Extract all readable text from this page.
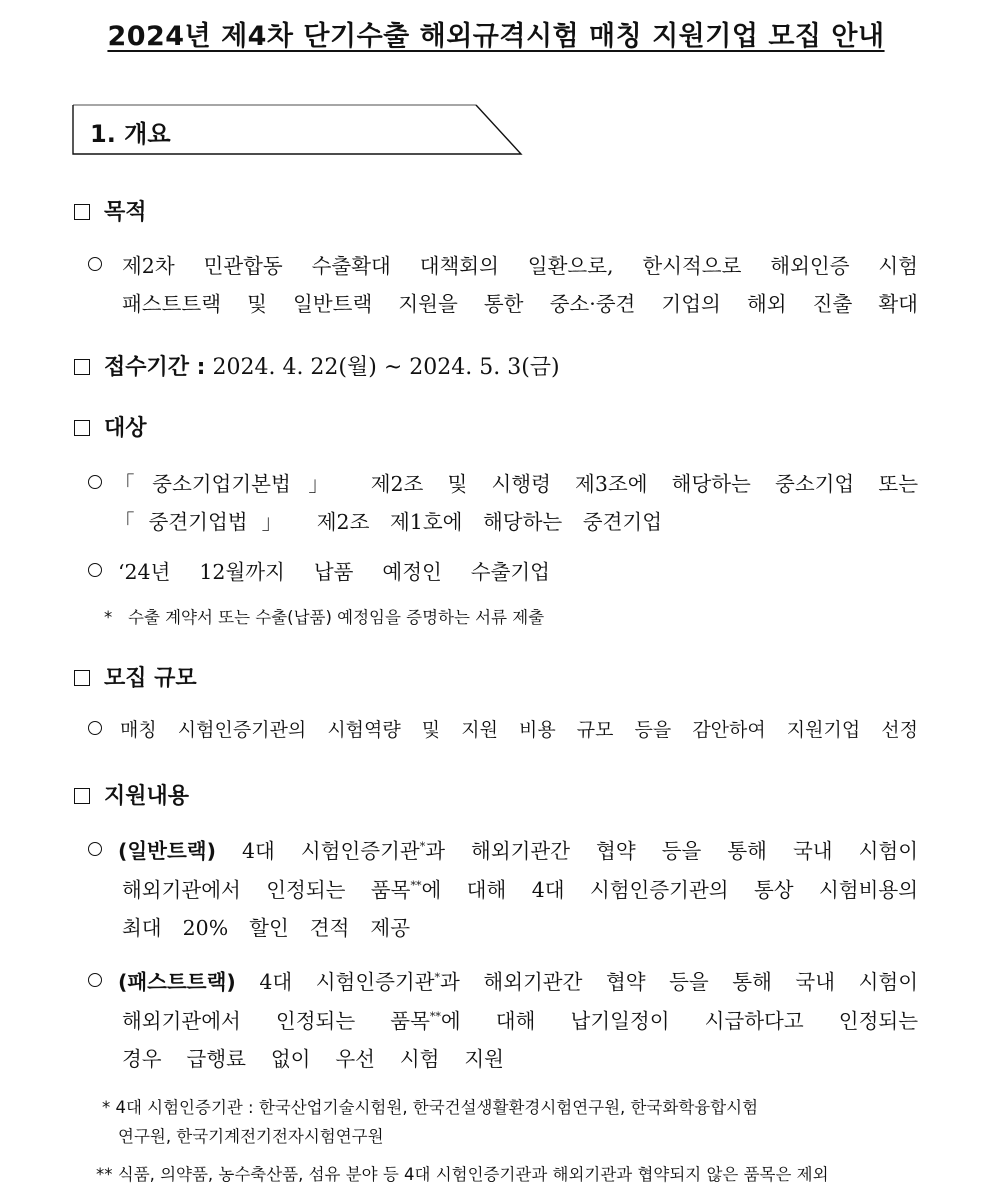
2024년 제4차 단기수출 해외규격시험 매칭 지원기업 모집 안내
1. 개요
목적
제2차 민관합동 수출확대 대책회의 일환으로, 한시적으로 해외인증 시험
패스트트랙 및 일반트랙 지원을 통한 중소·중견 기업의 해외 진출 확대
접수기간 : 2024. 4. 22(월) ~ 2024. 5. 3(금)
대상
「중소기업기본법」 제2조 및 시행령 제3조에 해당하는 중소기업 또는
「중견기업법」 제2조 제1호에 해당하는 중견기업
‘24년 12월까지 납품 예정인 수출기업
* 수출 계약서 또는 수출(납품) 예정임을 증명하는 서류 제출
모집 규모
매칭 시험인증기관의 시험역량 및 지원 비용 규모 등을 감안하여 지원기업 선정
지원내용
(일반트랙) 4대 시험인증기관*과 해외기관간 협약 등을 통해 국내 시험이
해외기관에서 인정되는 품목**에 대해 4대 시험인증기관의 통상 시험비용의
최대 20% 할인 견적 제공
(패스트트랙) 4대 시험인증기관*과 해외기관간 협약 등을 통해 국내 시험이
해외기관에서 인정되는 품목**에 대해 납기일정이 시급하다고 인정되는
경우 급행료 없이 우선 시험 지원
* 4대 시험인증기관 : 한국산업기술시험원, 한국건설생활환경시험연구원, 한국화학융합시험
연구원, 한국기계전기전자시험연구원
** 식품, 의약품, 농수축산품, 섬유 분야 등 4대 시험인증기관과 해외기관과 협약되지 않은 품목은 제외
